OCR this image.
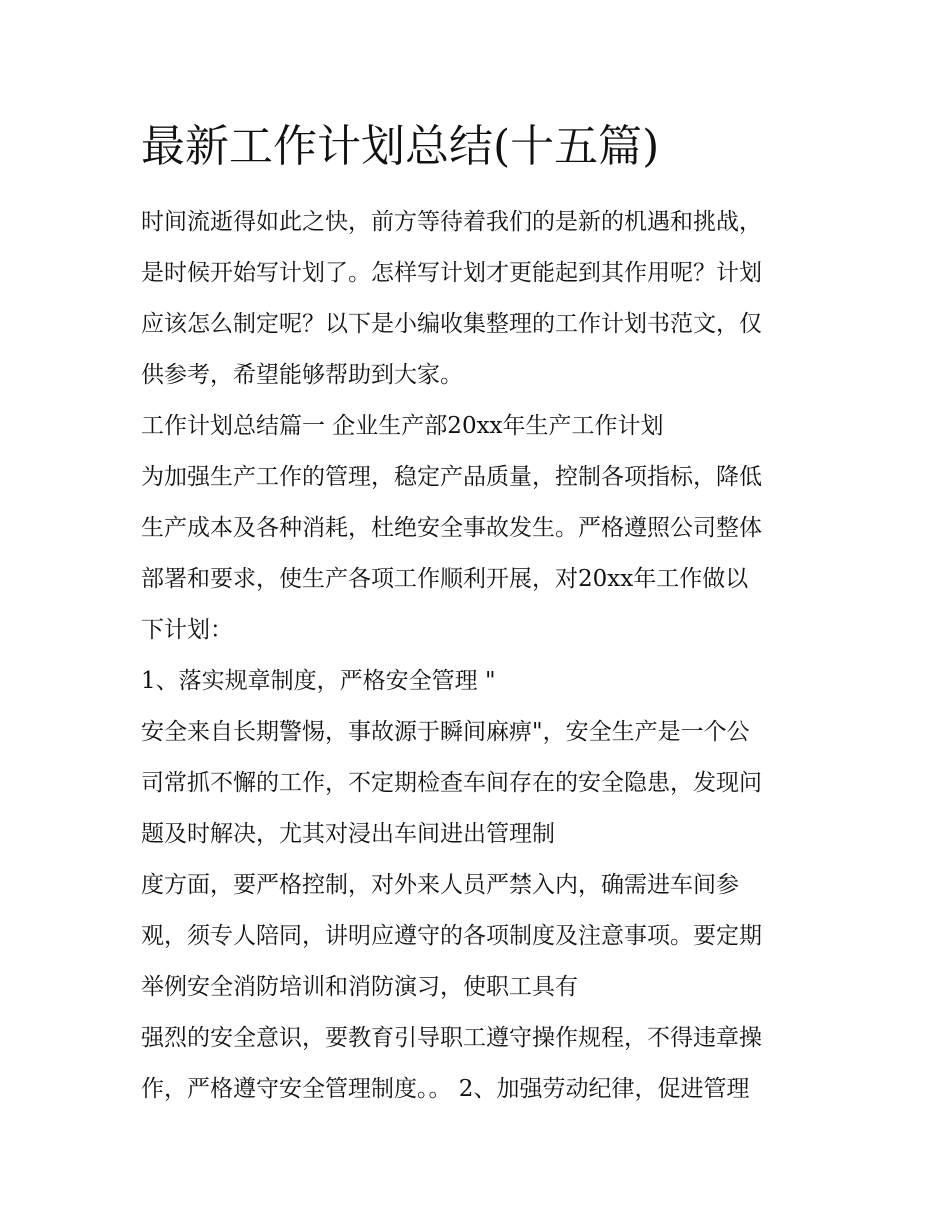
最新工作计划总结(十五篇)
时间流逝得如此之快，前方等待着我们的是新的机遇和挑战，
是时候开始写计划了。怎样写计划才更能起到其作用呢？计划
应该怎么制定呢？以下是小编收集整理的工作计划书范文，仅
供参考，希望能够帮助到大家。
工作计划总结篇一 企业生产部20xx年生产工作计划
为加强生产工作的管理，稳定产品质量，控制各项指标，降低
生产成本及各种消耗，杜绝安全事故发生。严格遵照公司整体
部署和要求，使生产各项工作顺利开展，对20xx年工作做以
下计划：
1、落实规章制度，严格安全管理 "
安全来自长期警惕，事故源于瞬间麻痹"，安全生产是一个公
司常抓不懈的工作，不定期检查车间存在的安全隐患，发现问
题及时解决，尤其对浸出车间进出管理制
度方面，要严格控制，对外来人员严禁入内，确需进车间参
观，须专人陪同，讲明应遵守的各项制度及注意事项。要定期
举例安全消防培训和消防演习，使职工具有
强烈的安全意识，要教育引导职工遵守操作规程，不得违章操
作，严格遵守安全管理制度。。 2、加强劳动纪律，促进管理
